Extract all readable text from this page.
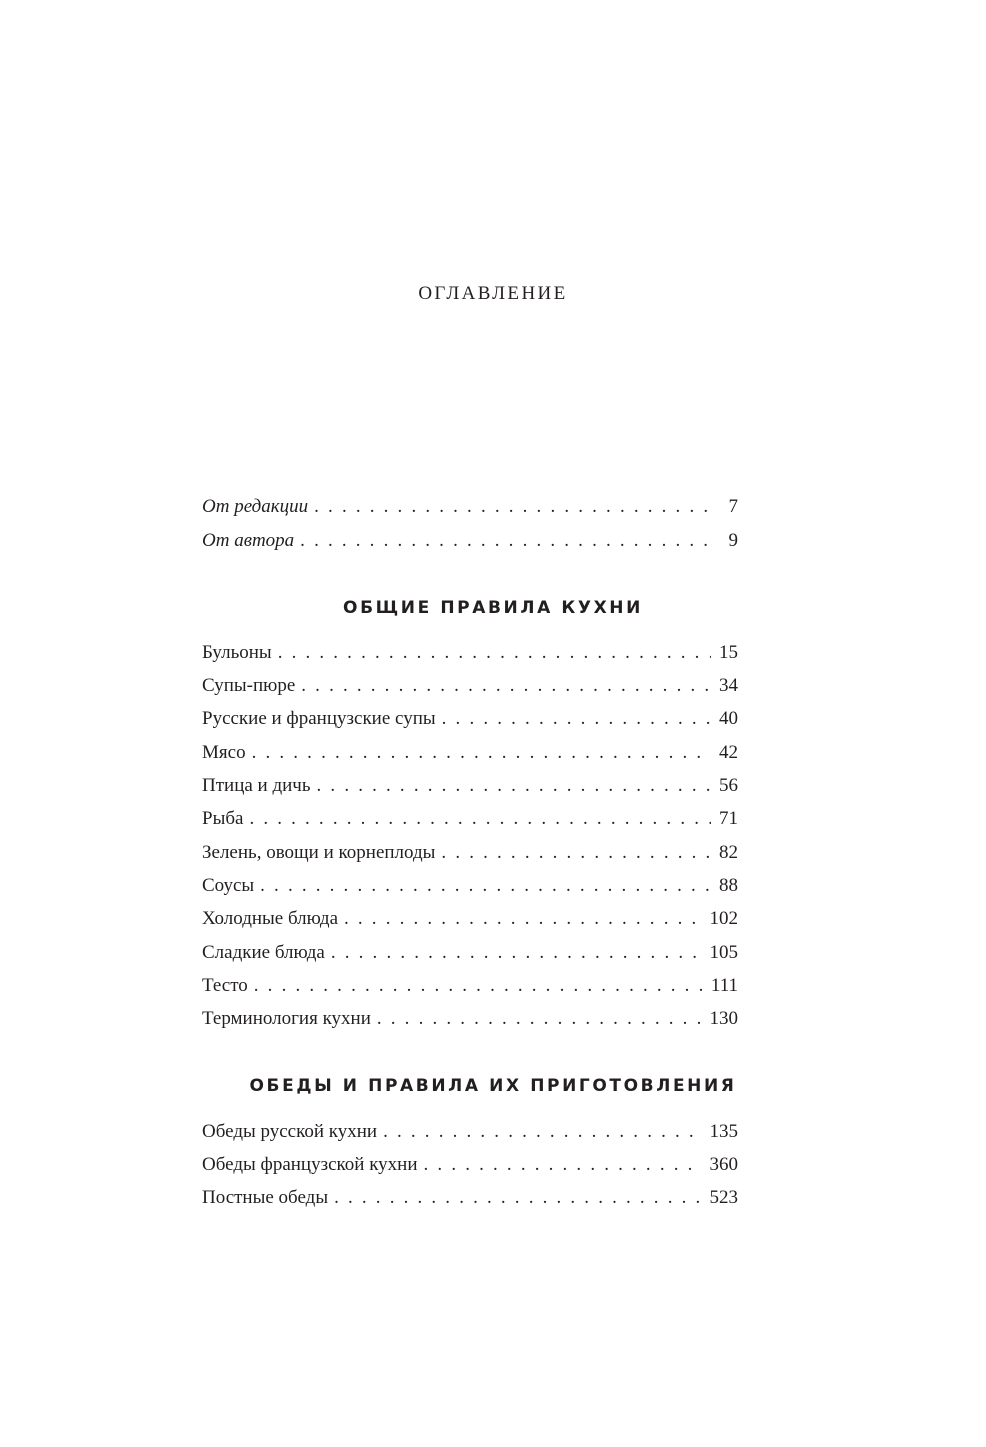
ОГЛАВЛЕНИЕ
От редакции . . .	7
От автора . . .	9
Бульоны . . .	15
Супы-пюре . . .	34
Русские и французские супы . . .	40
Мясо . . .	42
Птица и дичь . . .	56
Рыба . . .	71
Зелень, овощи и корнеплоды . . .	82
Соусы . . .	88
Холодные блюда . . .	102
Сладкие блюда . . .	105
Тесто . . .	111
Терминология кухни . . .	130
Обеды русской кухни . . .	135
Обеды французской кухни . . .	360
Постные обеды . . .	523
ОБЩИЕ ПРАВИЛА КУХНИ
ОБЕДЫ И ПРАВИЛА ИХ ПРИГОТОВЛЕНИЯ
